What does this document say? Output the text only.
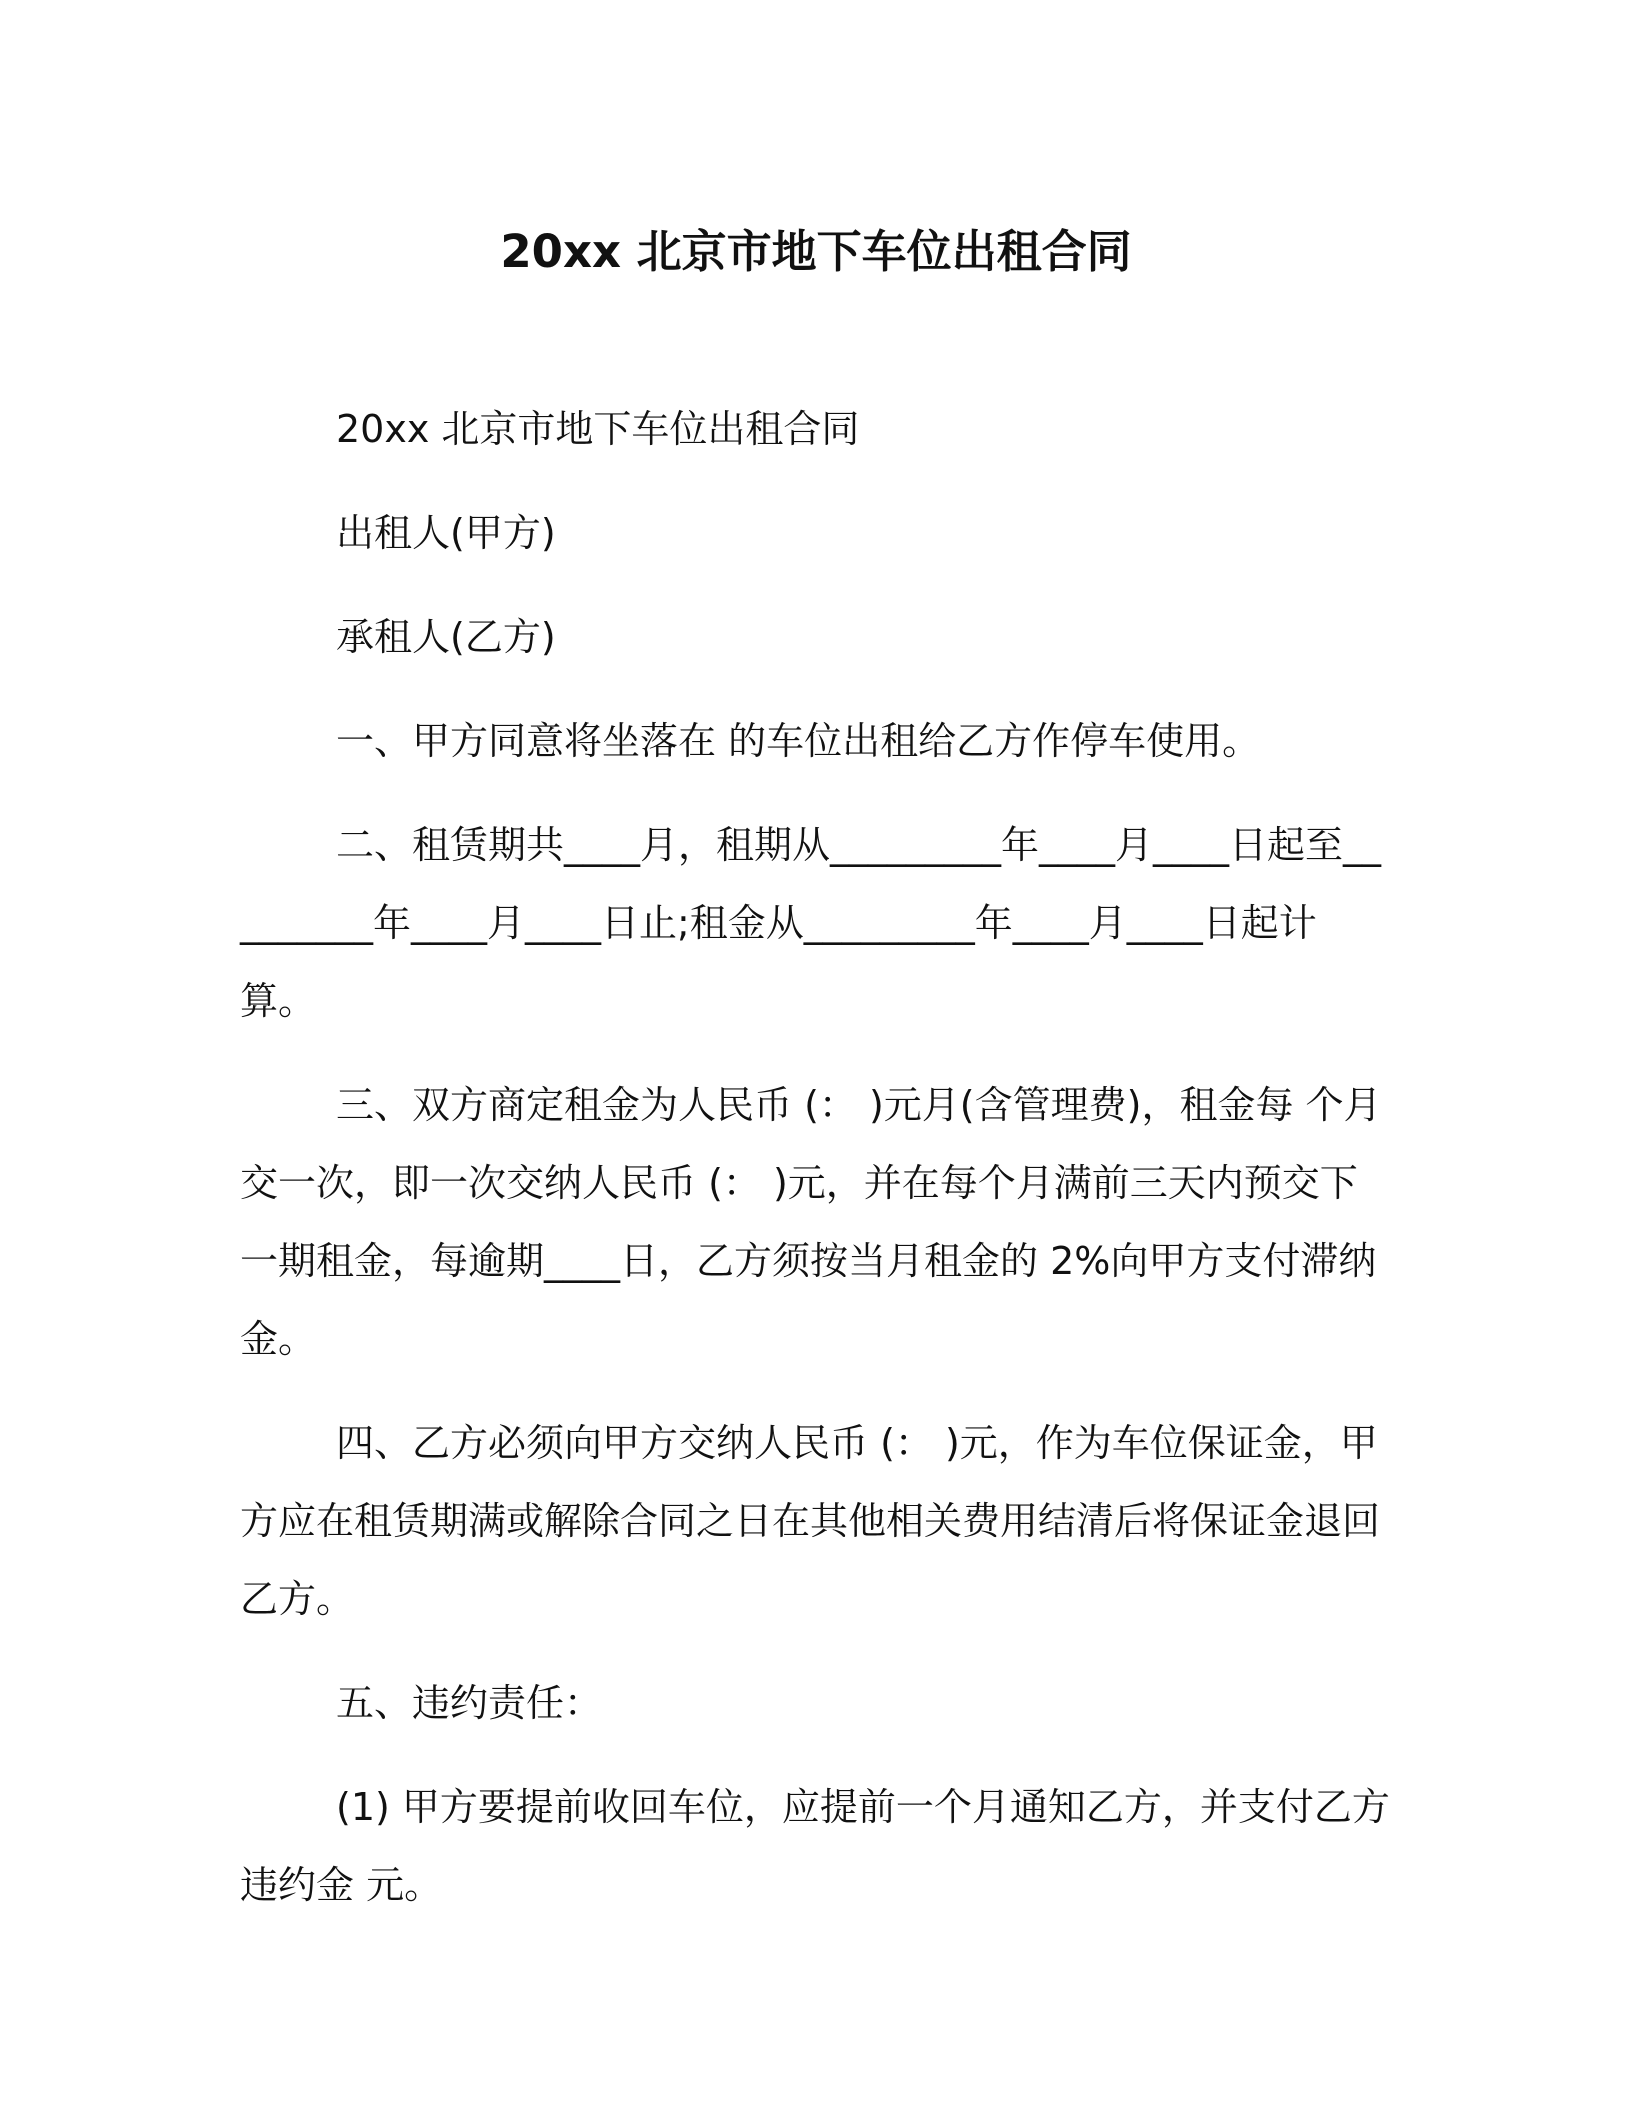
20xx 北京市地下车位出租合同

20xx 北京市地下车位出租合同

出租人(甲方)

承租人(乙方)

一、甲方同意将坐落在 的车位出租给乙方作停车使用。

二、租赁期共____月，租期从_________年____月____日起至_________年____月____日止;租金从_________年____月____日起计算。

三、双方商定租金为人民币 (： )元月(含管理费)，租金每 个月交一次，即一次交纳人民币 (： )元，并在每个月满前三天内预交下一期租金，每逾期____日，乙方须按当月租金的 2%向甲方支付滞纳金。

四、乙方必须向甲方交纳人民币 (： )元，作为车位保证金，甲方应在租赁期满或解除合同之日在其他相关费用结清后将保证金退回乙方。

五、违约责任：

(1) 甲方要提前收回车位，应提前一个月通知乙方，并支付乙方违约金 元。
